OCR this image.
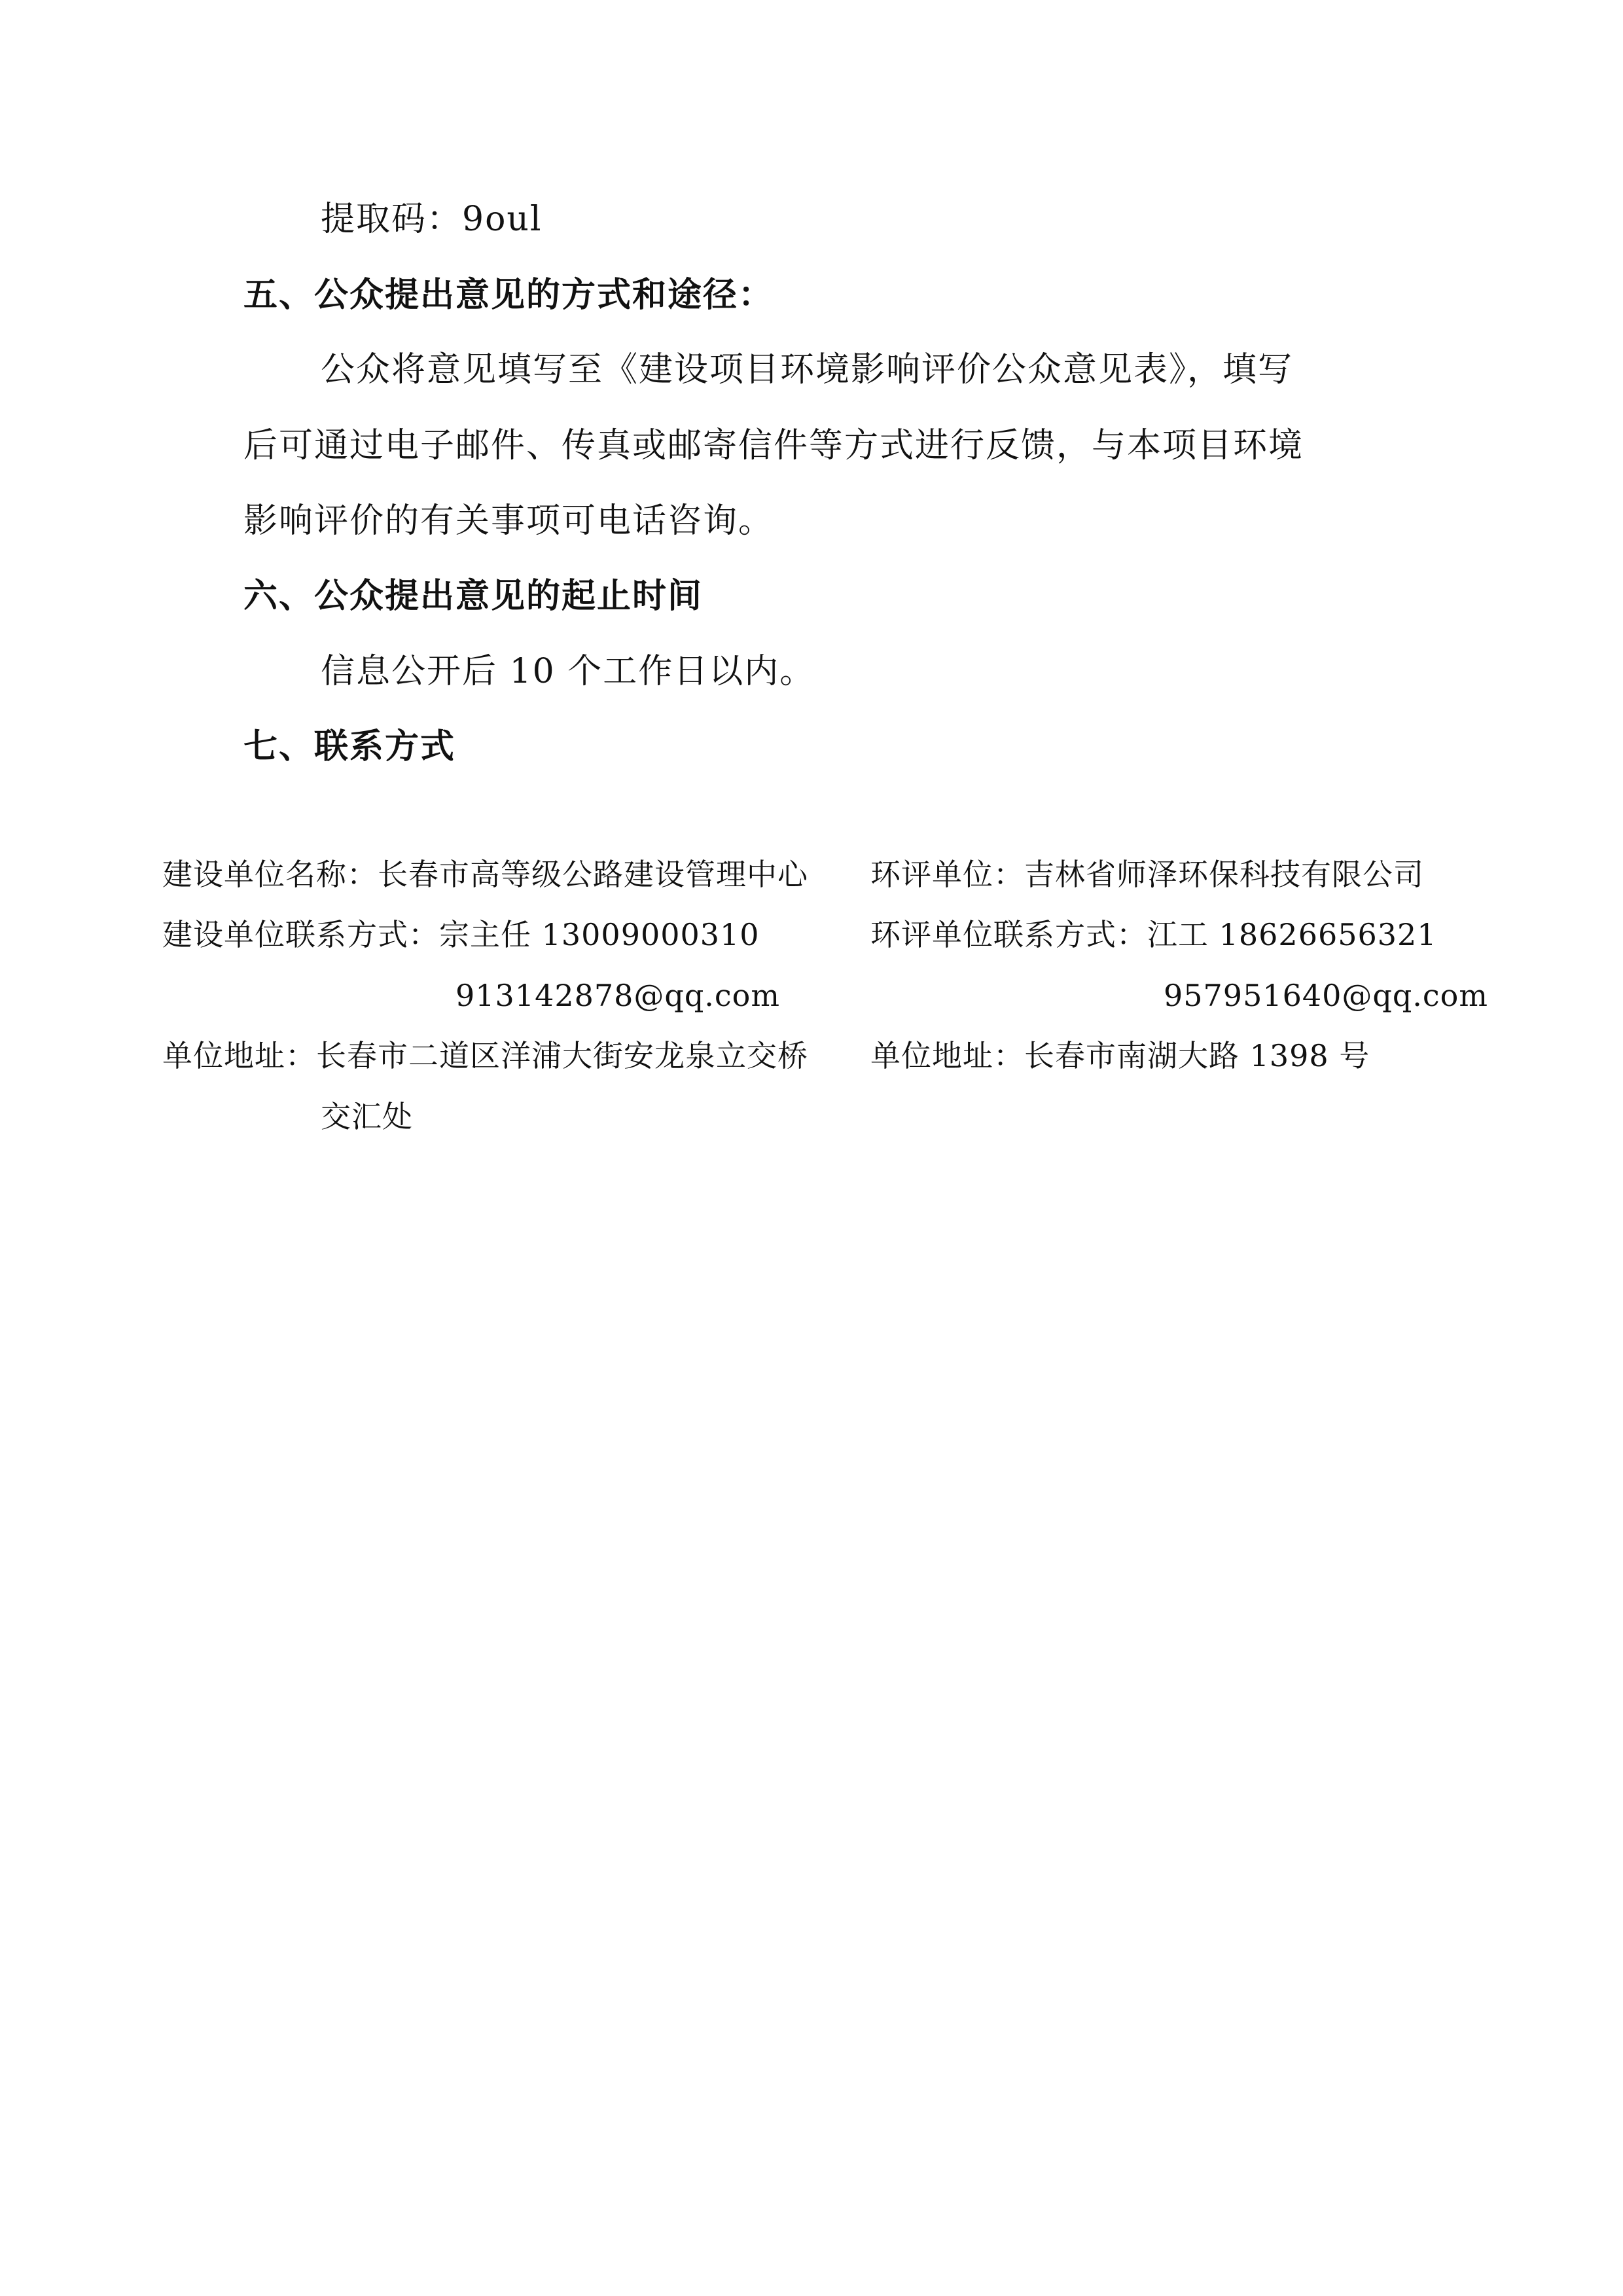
提取码：9oul
五、公众提出意见的方式和途径：
公众将意见填写至《建设项目环境影响评价公众意见表》，填写
后可通过电子邮件、传真或邮寄信件等方式进行反馈，与本项目环境
影响评价的有关事项可电话咨询。
六、公众提出意见的起止时间
信息公开后 10 个工作日以内。
七、联系方式
建设单位名称：长春市高等级公路建设管理中心
建设单位联系方式：宗主任 13009000310
913142878@qq.com
单位地址：长春市二道区洋浦大街安龙泉立交桥
交汇处
环评单位：吉林省师泽环保科技有限公司
环评单位联系方式：江工 18626656321
957951640@qq.com
单位地址：长春市南湖大路 1398 号
